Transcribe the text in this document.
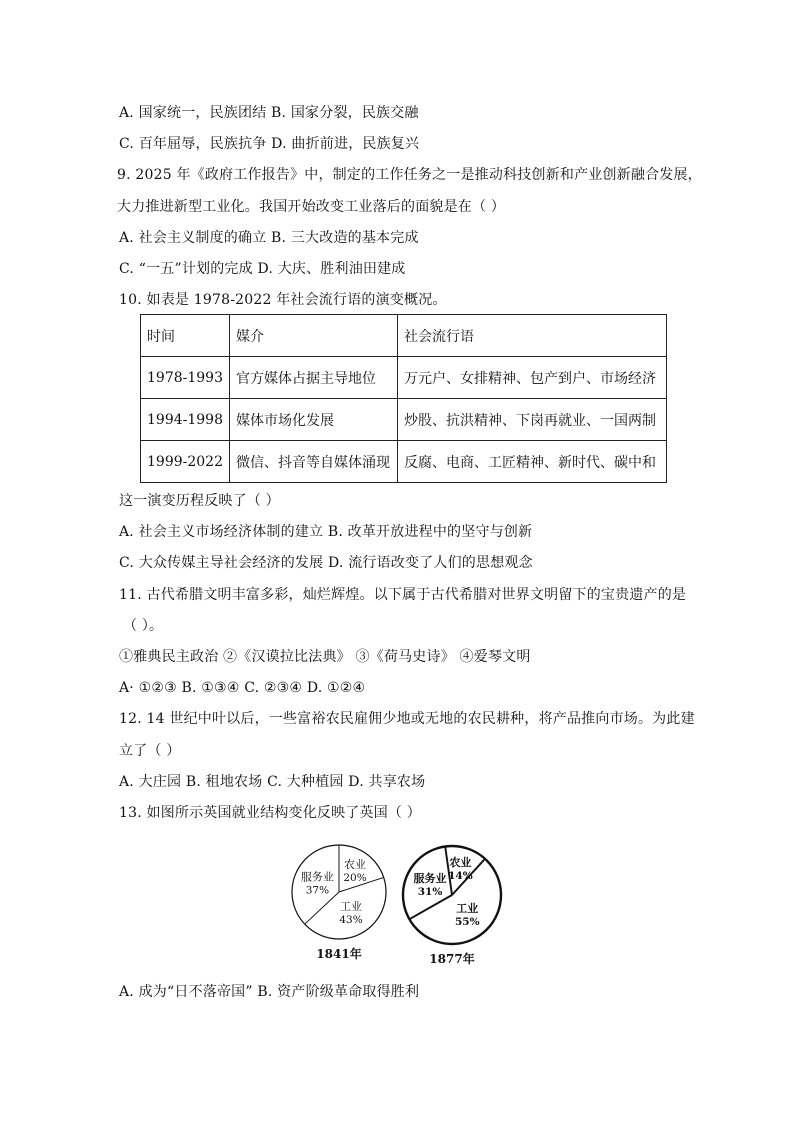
A. 国家统一，民族团结 B. 国家分裂，民族交融
C. 百年屈辱，民族抗争 D. 曲折前进，民族复兴
9. 2025 年《政府工作报告》中，制定的工作任务之一是推动科技创新和产业创新融合发展，
大力推进新型工业化。我国开始改变工业落后的面貌是在（ ）
A. 社会主义制度的确立 B. 三大改造的基本完成
C. “一五”计划的完成 D. 大庆、胜利油田建成
10. 如表是 1978-2022 年社会流行语的演变概况。
时间	媒介	社会流行语
1978-1993	官方媒体占据主导地位	万元户、女排精神、包产到户、市场经济
1994-1998	媒体市场化发展	炒股、抗洪精神、下岗再就业、一国两制
1999-2022	微信、抖音等自媒体涌现	反腐、电商、工匠精神、新时代、碳中和
这一演变历程反映了（ ）
A. 社会主义市场经济体制的建立 B. 改革开放进程中的坚守与创新
C. 大众传媒主导社会经济的发展 D. 流行语改变了人们的思想观念
11. 古代希腊文明丰富多彩，灿烂辉煌。以下属于古代希腊对世界文明留下的宝贵遗产的是
（ ）。
①雅典民主政治 ②《汉谟拉比法典》 ③《荷马史诗》 ④爱琴文明
A· ①②③ B. ①③④ C. ②③④ D. ①②④
12. 14 世纪中叶以后，一些富裕农民雇佣少地或无地的农民耕种，将产品推向市场。为此建
立了（ ）
A. 大庄园 B. 租地农场 C. 大种植园 D. 共享农场
13. 如图所示英国就业结构变化反映了英国（ ）
农业
20%
工业
43%
服务业
37%
1841年
农业
14%
工业
55%
服务业
31%
1877年
A. 成为“日不落帝国” B. 资产阶级革命取得胜利
